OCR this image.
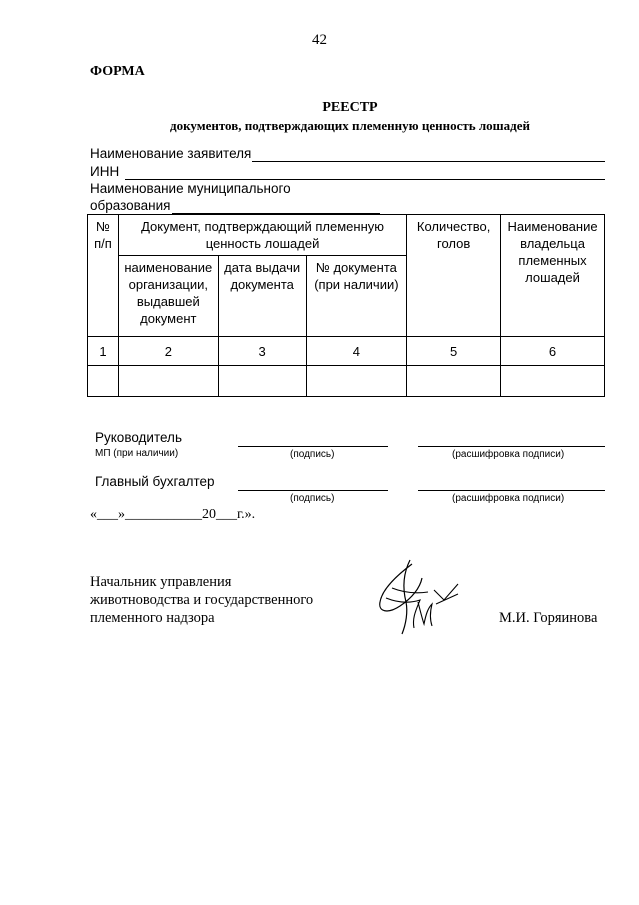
42
ФОРМА
РЕЕСТР
документов, подтверждающих племенную ценность лошадей
Наименование заявителя
ИНН
Наименование муниципального
образования
№ п/п	Документ, подтверждающий племенную ценность лошадей			Количество, голов	Наименование владельца племенных лошадей
	наименование организации, выдавшей документ	дата выдачи документа	№ документа (при наличии)		
1	2	3	4	5	6

Руководитель
МП (при наличии)	(подпись)	(расшифровка подписи)
Главный бухгалтер
(подпись)	(расшифровка подписи)
«___»___________20___г.».
Начальник управления животноводства и государственного племенного надзора	М.И. Горяинова
